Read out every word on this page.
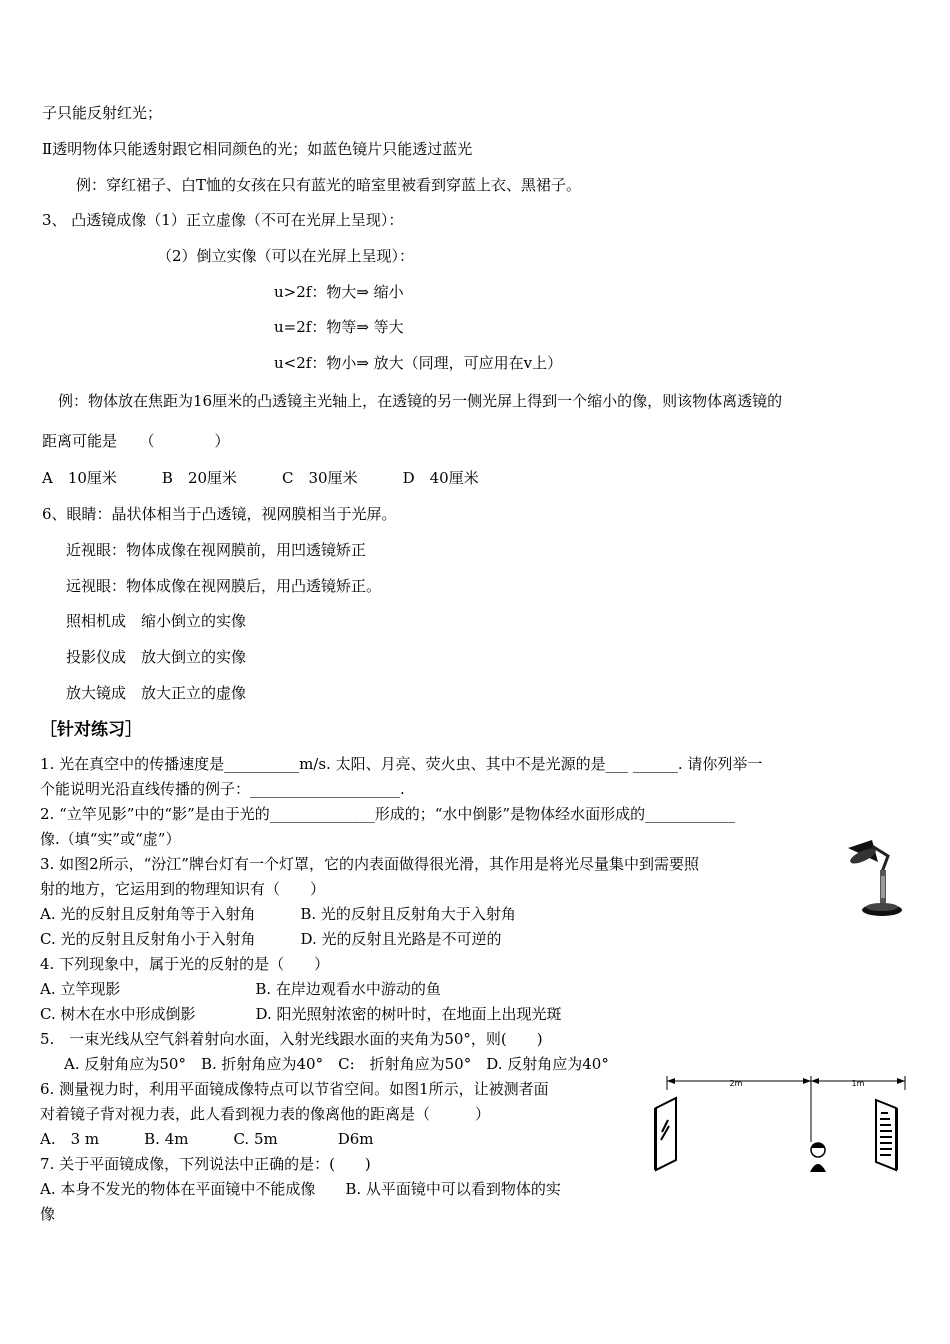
子只能反射红光；
Ⅱ透明物体只能透射跟它相同颜色的光；如蓝色镜片只能透过蓝光
例：穿红裙子、白T恤的女孩在只有蓝光的暗室里被看到穿蓝上衣、黑裙子。
3、 凸透镜成像（1）正立虚像（不可在光屏上呈现）：
（2）倒立实像（可以在光屏上呈现）：
u>2f：物大⇒ 缩小
u=2f：物等⇒ 等大
u<2f：物小⇒ 放大（同理，可应用在v上）
例：物体放在焦距为16厘米的凸透镜主光轴上，在透镜的另一侧光屏上得到一个缩小的像，则该物体离透镜的
距离可能是　　（　　　　）
A　10厘米　　　B　20厘米　　　C　30厘米　　　D　40厘米
6、眼睛：晶状体相当于凸透镜，视网膜相当于光屏。
近视眼：物体成像在视网膜前，用凹透镜矫正
远视眼：物体成像在视网膜后，用凸透镜矫正。
照相机成　缩小倒立的实像
投影仪成　放大倒立的实像
放大镜成　放大正立的虚像
［针对练习］
1. 光在真空中的传播速度是__________m/s. 太阳、月亮、荧火虫、其中不是光源的是___ ______. 请你列举一
个能说明光沿直线传播的例子：____________________.
2. “立竿见影”中的“影”是由于光的______________形成的；“水中倒影”是物体经水面形成的____________
像.（填“实”或“虚”）
3. 如图2所示，“汾江”牌台灯有一个灯罩，它的内表面做得很光滑，其作用是将光尽量集中到需要照
射的地方，它运用到的物理知识有（　　）
A. 光的反射且反射角等于入射角　　　B. 光的反射且反射角大于入射角
C. 光的反射且反射角小于入射角　　　D. 光的反射且光路是不可逆的
4. 下列现象中，属于光的反射的是（　　）
A. 立竿现影　　　　　　　　　B. 在岸边观看水中游动的鱼
C. 树木在水中形成倒影　　　　D. 阳光照射浓密的树叶时，在地面上出现光斑
5.　一束光线从空气斜着射向水面，入射光线跟水面的夹角为50°，则(　　)
A. 反射角应为50°　B. 折射角应为40°　C:　折射角应为50°　D. 反射角应为40°
6. 测量视力时，利用平面镜成像特点可以节省空间。如图1所示，让被测者面
对着镜子背对视力表，此人看到视力表的像离他的距离是（　　　）
A.　3 m　　　B. 4m　　　C. 5m　　　　D6m
7. 关于平面镜成像，下列说法中正确的是：(　　)
A. 本身不发光的物体在平面镜中不能成像　　B. 从平面镜中可以看到物体的实
像
2m	1m
